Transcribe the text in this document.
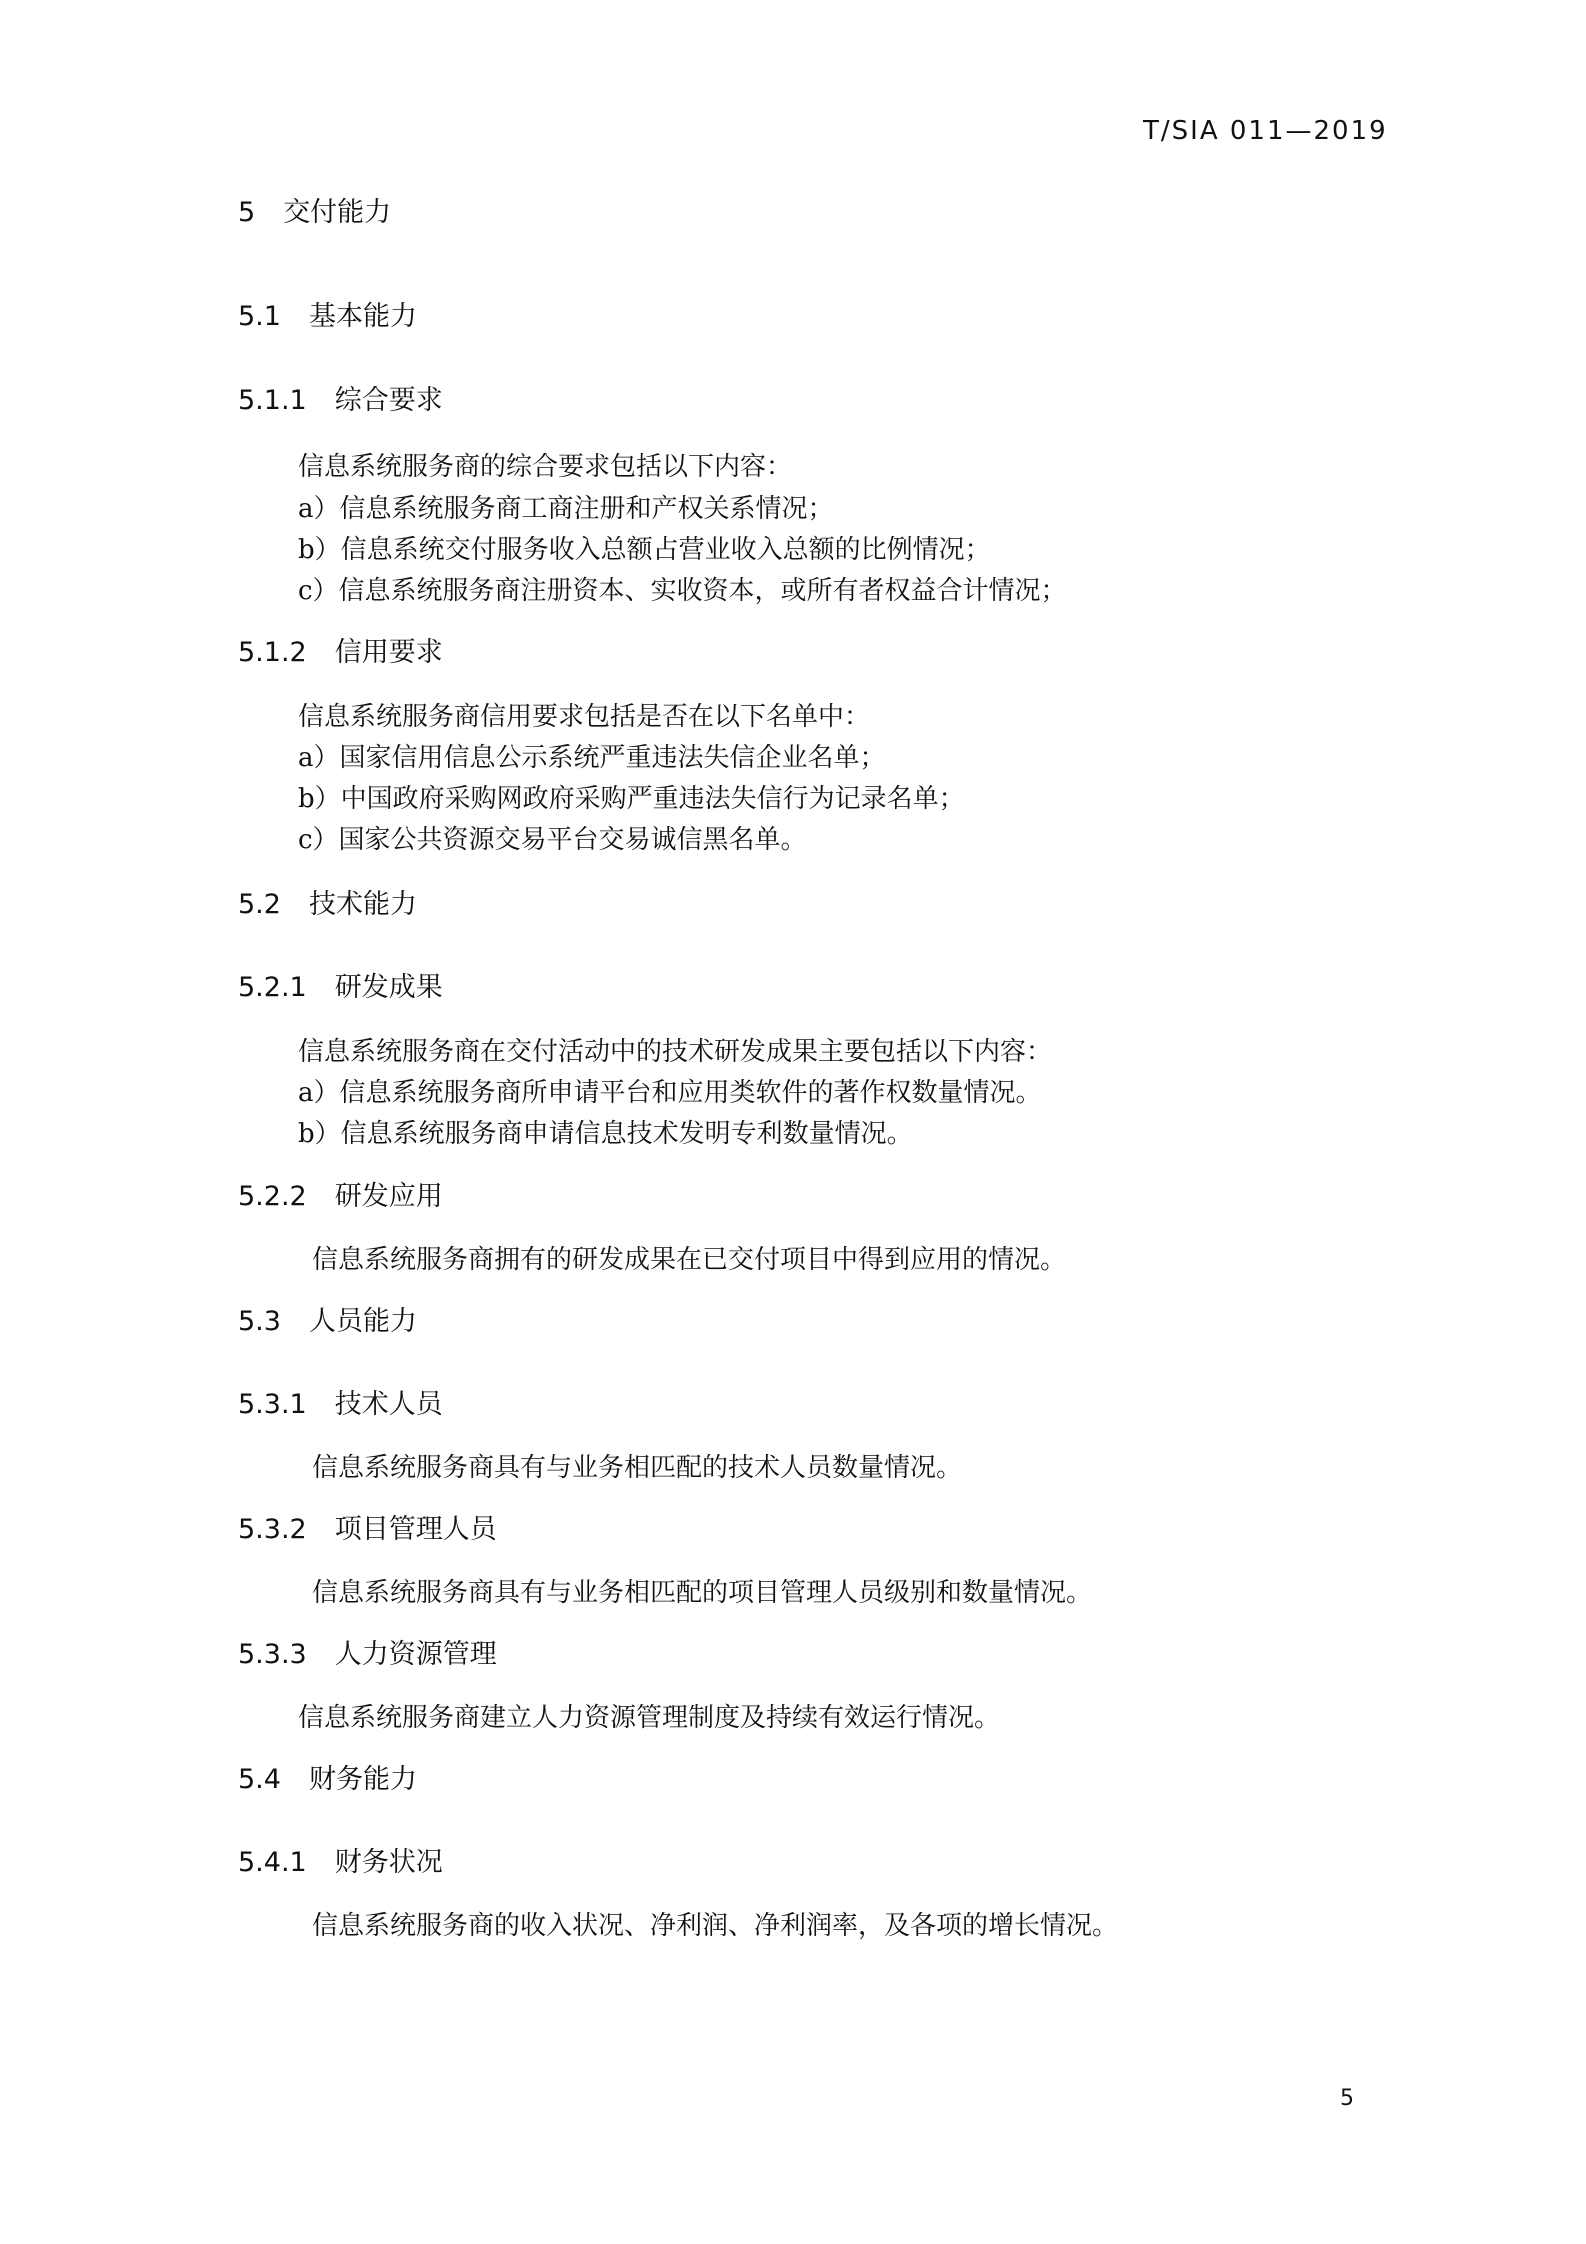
T/SIA 011—2019
5 交付能力
5.1 基本能力
5.1.1 综合要求
信息系统服务商的综合要求包括以下内容：
a）信息系统服务商工商注册和产权关系情况；
b）信息系统交付服务收入总额占营业收入总额的比例情况；
c）信息系统服务商注册资本、实收资本，或所有者权益合计情况；
5.1.2 信用要求
信息系统服务商信用要求包括是否在以下名单中：
a）国家信用信息公示系统严重违法失信企业名单；
b）中国政府采购网政府采购严重违法失信行为记录名单；
c）国家公共资源交易平台交易诚信黑名单。
5.2 技术能力
5.2.1 研发成果
信息系统服务商在交付活动中的技术研发成果主要包括以下内容：
a）信息系统服务商所申请平台和应用类软件的著作权数量情况。
b）信息系统服务商申请信息技术发明专利数量情况。
5.2.2 研发应用
信息系统服务商拥有的研发成果在已交付项目中得到应用的情况。
5.3 人员能力
5.3.1 技术人员
信息系统服务商具有与业务相匹配的技术人员数量情况。
5.3.2 项目管理人员
信息系统服务商具有与业务相匹配的项目管理人员级别和数量情况。
5.3.3 人力资源管理
信息系统服务商建立人力资源管理制度及持续有效运行情况。
5.4 财务能力
5.4.1 财务状况
信息系统服务商的收入状况、净利润、净利润率，及各项的增长情况。
5
